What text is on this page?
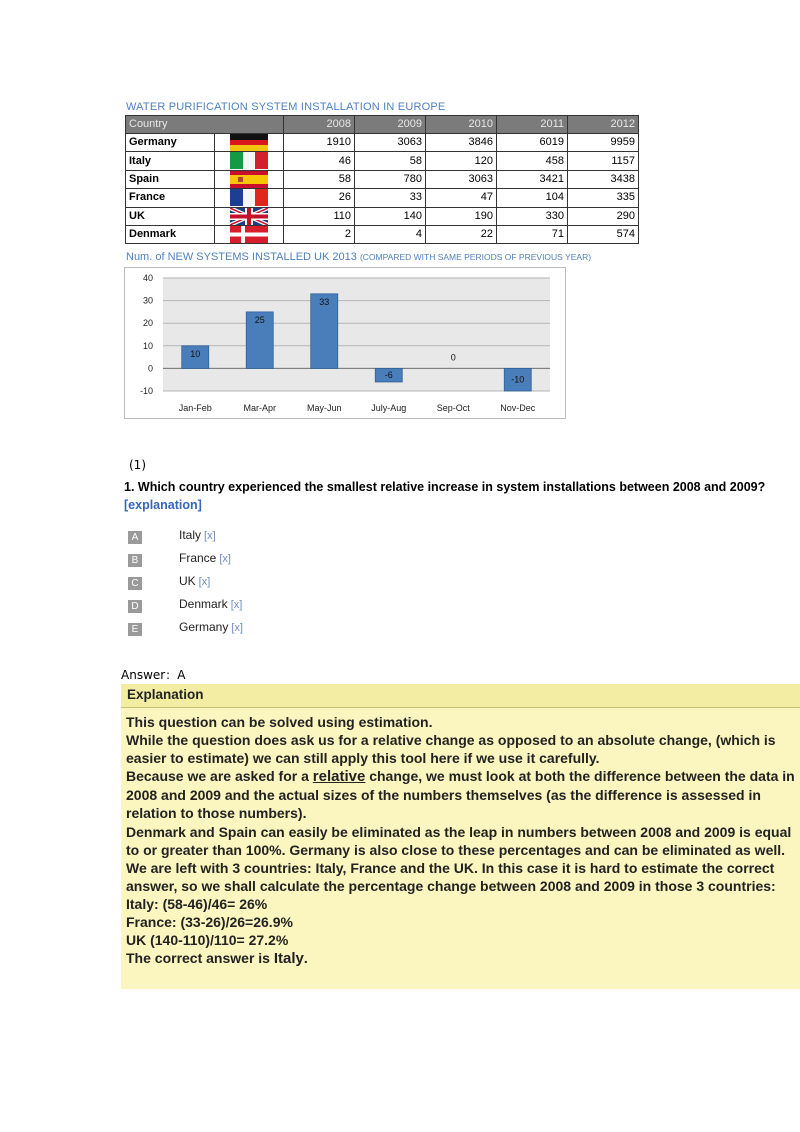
WATER PURIFICATION SYSTEM INSTALLATION IN EUROPE
Country		2008	2009	2010	2011	2012
Germany		1910	3063	3846	6019	9959
Italy		46	58	120	458	1157
Spain		58	780	3063	3421	3438
France		26	33	47	104	335
UK		110	140	190	330	290
Denmark		2	4	22	71	574
Num. of NEW SYSTEMS INSTALLED UK 2013 (COMPARED WITH SAME PERIODS OF PREVIOUS YEAR)
-10
0
10
20
30
40
10
Jan-Feb
25
Mar-Apr
33
May-Jun
-6
July-Aug
0
Sep-Oct
-10
Nov-Dec
(1)
1. Which country experienced the smallest relative increase in system installations between 2008 and 2009? [explanation]
A	Italy [x]
B	France [x]
C	UK [x]
D	Denmark [x]
E	Germany [x]
Answer：A
Explanation

This question can be solved using estimation.

While the question does ask us for a relative change as opposed to an absolute change, (which is easier to estimate) we can still apply this tool here if we use it carefully.

Because we are asked for a relative change, we must look at both the difference between the data in 2008 and 2009 and the actual sizes of the numbers themselves (as the difference is assessed in relation to those numbers).

Denmark and Spain can easily be eliminated as the leap in numbers between 2008 and 2009 is equal to or greater than 100%. Germany is also close to these percentages and can be eliminated as well. We are left with 3 countries: Italy, France and the UK. In this case it is hard to estimate the correct answer, so we shall calculate the percentage change between 2008 and 2009 in those 3 countries:

Italy: (58-46)/46= 26%

France: (33-26)/26=26.9%

UK (140-110)/110= 27.2%

The correct answer is Italy.
